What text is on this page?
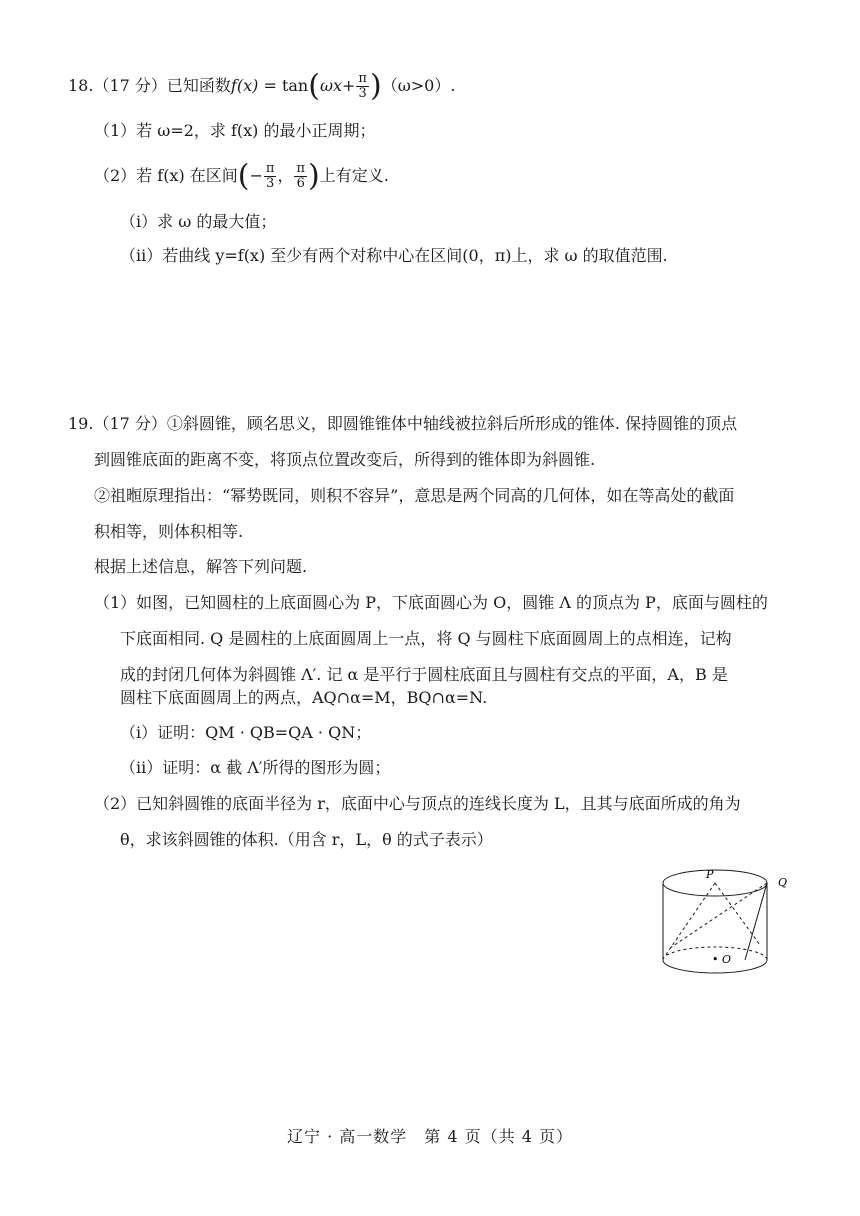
18.（17 分）已知函数$f(x) = \tan(\omega x+ \frac{\pi}{3} )(\omega>0)$.
（1）若 ω=2，求 f(x) 的最小正周期；
（2）若 f(x) 在区间(− $\frac{\pi}{3}$ ， $\frac{\pi}{6}$ )上有定义.
（i）求 ω 的最大值；
（ii）若曲线 y=f(x) 至少有两个对称中心在区间(0，π)上，求 ω 的取值范围.
19.（17 分）①斜圆锥，顾名思义，即圆锥锥体中轴线被拉斜后所形成的锥体. 保持圆锥的顶点
到圆锥底面的距离不变，将顶点位置改变后，所得到的锥体即为斜圆锥.
②祖暅原理指出：“幂势既同，则积不容异”，意思是两个同高的几何体，如在等高处的截面
积相等，则体积相等.
根据上述信息，解答下列问题.
（1）如图，已知圆柱的上底面圆心为 P，下底面圆心为 O，圆锥 Λ 的顶点为 P，底面与圆柱的
下底面相同. Q 是圆柱的上底面圆周上一点，将 Q 与圆柱下底面圆周上的点相连，记构
成的封闭几何体为斜圆锥 Λ′. 记 α 是平行于圆柱底面且与圆柱有交点的平面，A，B 是
圆柱下底面圆周上的两点，AQ∩α=M，BQ∩α=N.
（i）证明：QM · QB=QA · QN；
（ii）证明：α 截 Λ′所得的图形为圆；
（2）已知斜圆锥的底面半径为 r，底面中心与顶点的连线长度为 L，且其与底面所成的角为
θ，求该斜圆锥的体积.（用含 r，L，θ 的式子表示）
P
Q
• O
辽宁 · 高一数学　第 4 页（共 4 页）
